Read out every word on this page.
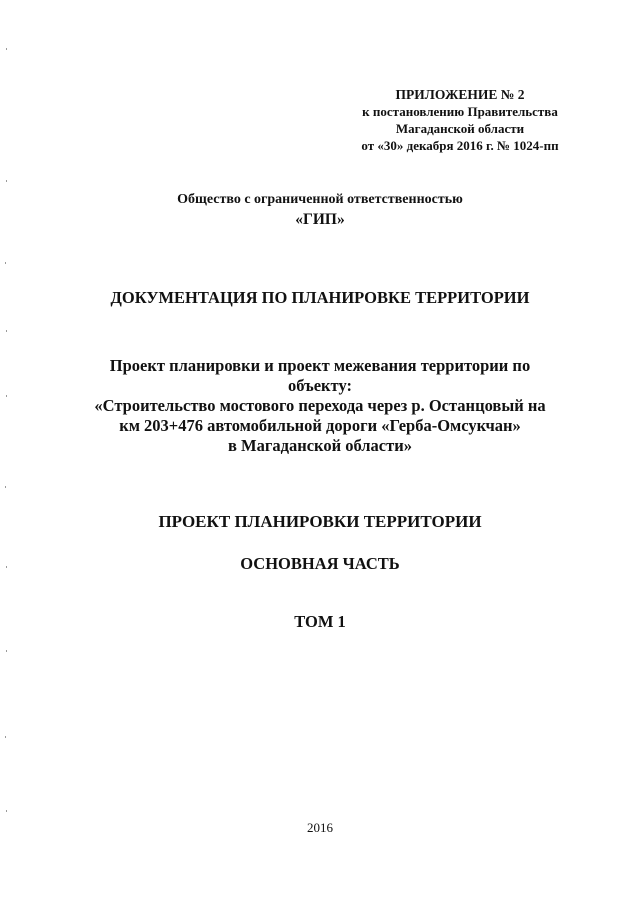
ПРИЛОЖЕНИЕ № 2
к постановлению Правительства
Магаданской области
от «30» декабря 2016 г. № 1024-пп
Общество с ограниченной ответственностью
«ГИП»
ДОКУМЕНТАЦИЯ ПО ПЛАНИРОВКЕ ТЕРРИТОРИИ
Проект планировки и проект межевания территории по
объекту:
«Строительство мостового перехода через р. Останцовый на
км 203+476 автомобильной дороги «Герба-Омсукчан»
в Магаданской области»
ПРОЕКТ ПЛАНИРОВКИ ТЕРРИТОРИИ
ОСНОВНАЯ ЧАСТЬ
ТОМ 1
2016
